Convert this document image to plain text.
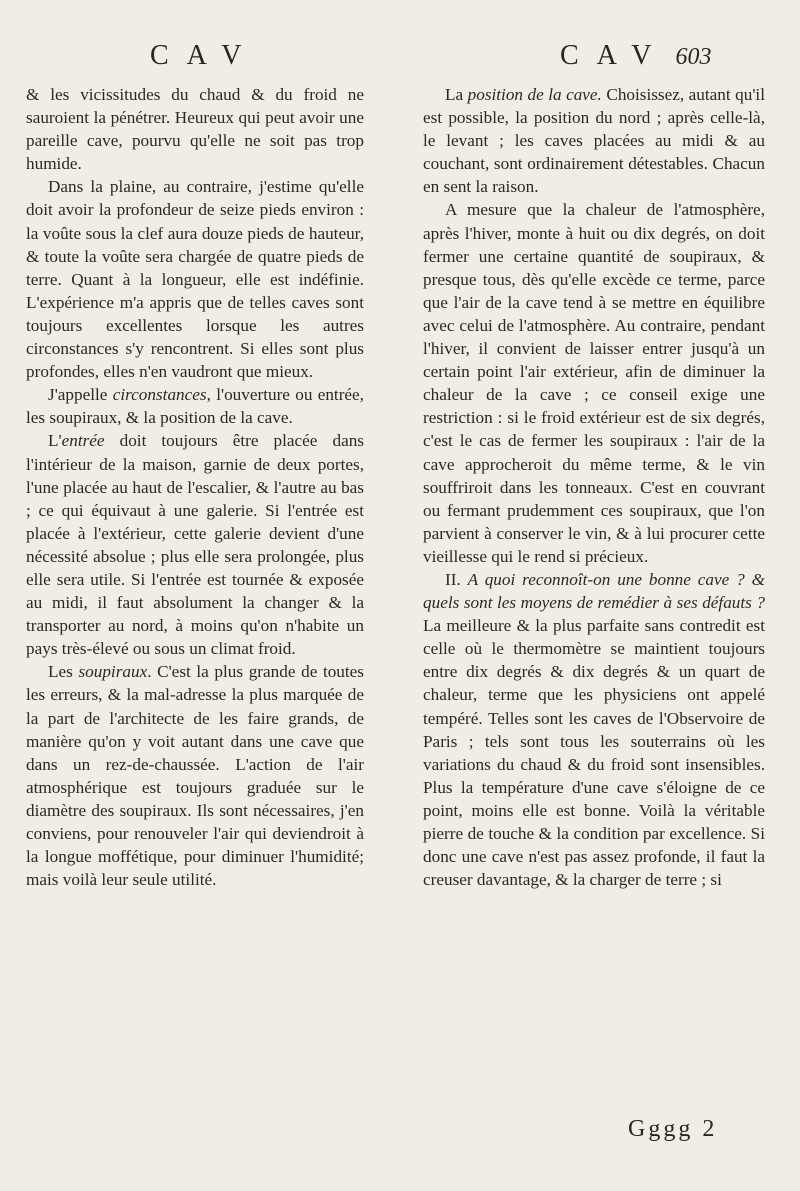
CAV	CAV 603

& les vicissitudes du chaud & du froid ne sauroient la pénétrer. Heureux qui peut avoir une pareille cave, pourvu qu'elle ne soit pas trop humide.

Dans la plaine, au contraire, j'estime qu'elle doit avoir la profondeur de seize pieds environ : la voûte sous la clef aura douze pieds de hauteur, & toute la voûte sera chargée de quatre pieds de terre. Quant à la longueur, elle est indéfinie. L'expérience m'a appris que de telles caves sont toujours excellentes lorsque les autres circonstances s'y rencontrent. Si elles sont plus profondes, elles n'en vaudront que mieux.

J'appelle circonstances, l'ouverture ou entrée, les soupiraux, & la position de la cave.

L'entrée doit toujours être placée dans l'intérieur de la maison, garnie de deux portes, l'une placée au haut de l'escalier, & l'autre au bas ; ce qui équivaut à une galerie. Si l'entrée est placée à l'extérieur, cette galerie devient d'une nécessité absolue ; plus elle sera prolongée, plus elle sera utile. Si l'entrée est tournée & exposée au midi, il faut absolument la changer & la transporter au nord, à moins qu'on n'habite un pays très-élevé ou sous un climat froid.

Les soupiraux. C'est la plus grande de toutes les erreurs, & la mal-adresse la plus marquée de la part de l'architecte de les faire grands, de manière qu'on y voit autant dans une cave que dans un rez-de-chaussée. L'action de l'air atmosphérique est toujours graduée sur le diamètre des soupiraux. Ils sont nécessaires, j'en conviens, pour renouveler l'air qui deviendroit à la longue moffétique, pour diminuer l'humidité; mais voilà leur seule utilité.

La position de la cave. Choisissez, autant qu'il est possible, la position du nord ; après celle-là, le levant ; les caves placées au midi & au couchant, sont ordinairement détestables. Chacun en sent la raison.

A mesure que la chaleur de l'atmosphère, après l'hiver, monte à huit ou dix degrés, on doit fermer une certaine quantité de soupiraux, & presque tous, dès qu'elle excède ce terme, parce que l'air de la cave tend à se mettre en équilibre avec celui de l'atmosphère. Au contraire, pendant l'hiver, il convient de laisser entrer jusqu'à un certain point l'air extérieur, afin de diminuer la chaleur de la cave ; ce conseil exige une restriction : si le froid extérieur est de six degrés, c'est le cas de fermer les soupiraux : l'air de la cave approcheroit du même terme, & le vin souffriroit dans les tonneaux. C'est en couvrant ou fermant prudemment ces soupiraux, que l'on parvient à conserver le vin, & à lui procurer cette vieillesse qui le rend si précieux.

II. A quoi reconnoît-on une bonne cave ? & quels sont les moyens de remédier à ses défauts ? La meilleure & la plus parfaite sans contredit est celle où le thermomètre se maintient toujours entre dix degrés & dix degrés & un quart de chaleur, terme que les physiciens ont appelé tempéré. Telles sont les caves de l'Observoire de Paris ; tels sont tous les souterrains où les variations du chaud & du froid sont insensibles. Plus la température d'une cave s'éloigne de ce point, moins elle est bonne. Voilà la véritable pierre de touche & la condition par excellence. Si donc une cave n'est pas assez profonde, il faut la creuser davantage, & la charger de terre ; si

Gggg 2
